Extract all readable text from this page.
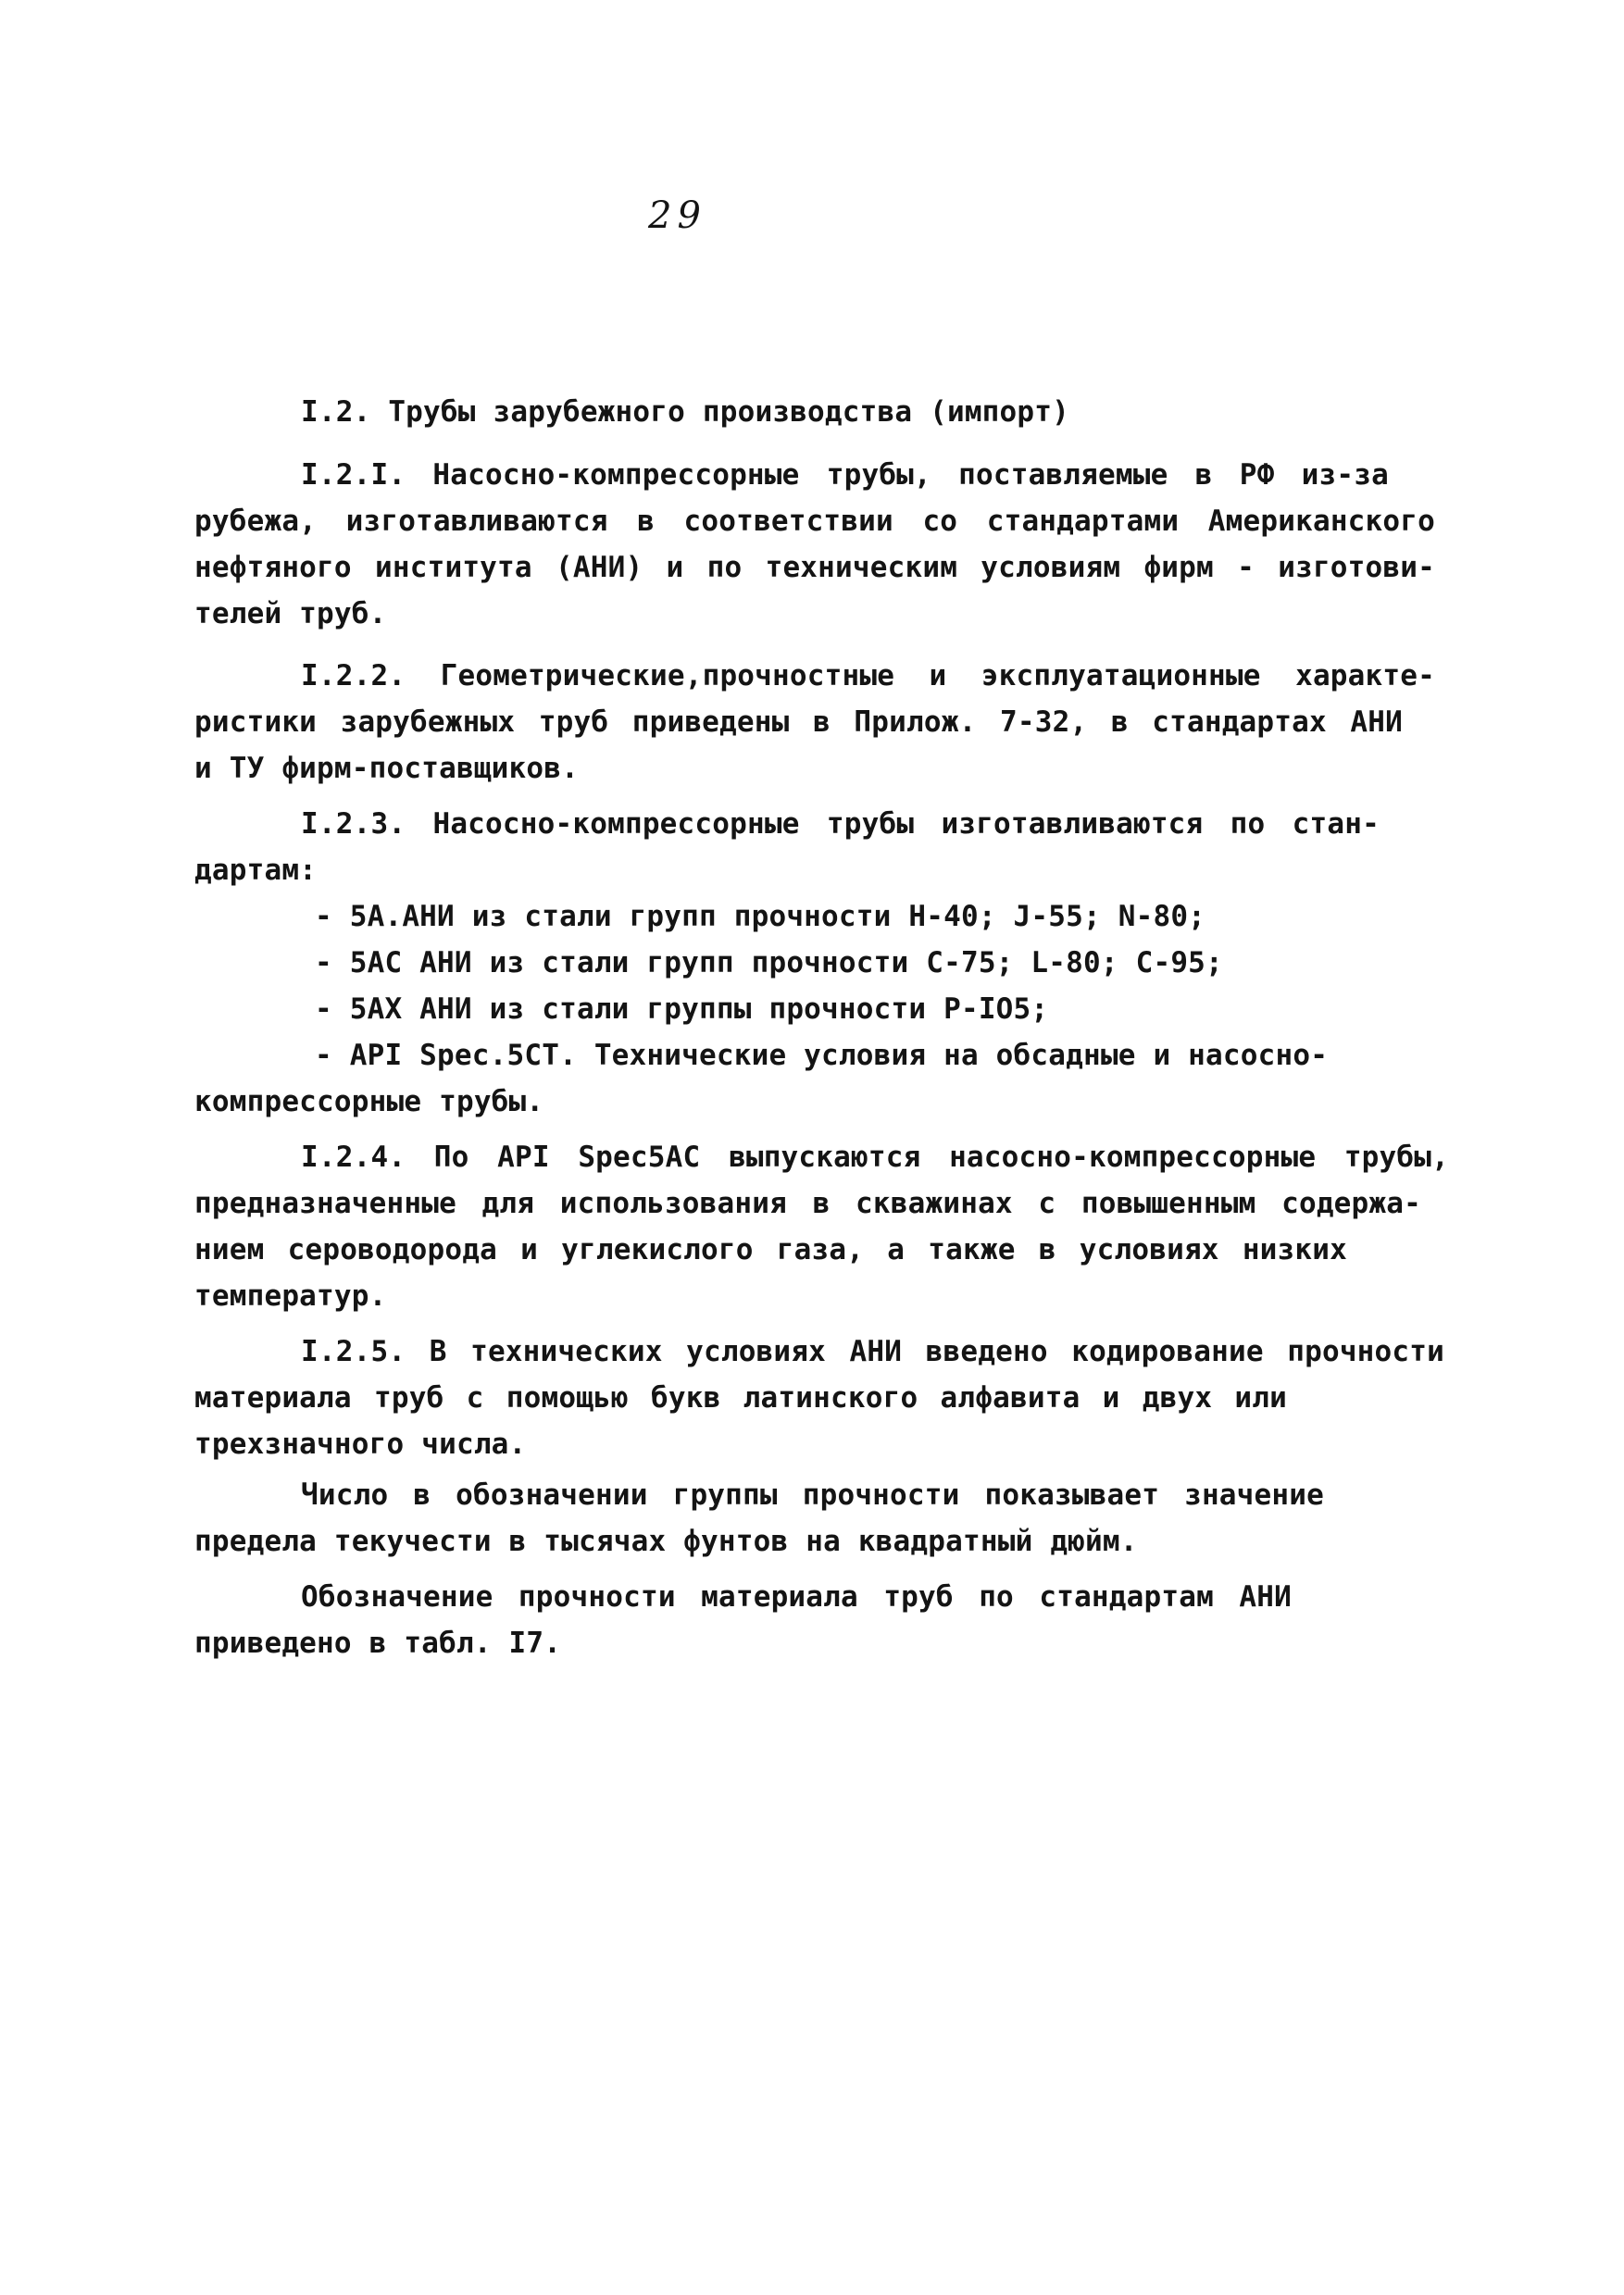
29
I.2. Трубы зарубежного производства (импорт)
I.2.I. Насосно-компрессорные трубы, поставляемые в РФ из-за
рубежа, изготавливаются в соответствии со стандартами Американского
нефтяного института (АНИ) и по техническим условиям фирм - изготови-
телей труб.
I.2.2. Геометрические,прочностные и эксплуатационные характе-
ристики зарубежных труб приведены в Прилож. 7-32, в стандартах АНИ
и ТУ фирм-поставщиков.
I.2.3. Насосно-компрессорные трубы изготавливаются по стан-
дартам:
- 5А.АНИ из стали групп прочности Н-40; J-55; N-80;
- 5АС АНИ из стали групп прочности С-75; L-80; С-95;
- 5АХ АНИ из стали группы прочности Р-IO5;
- API Spec.5CT. Технические условия на обсадные и насосно-
компрессорные трубы.
I.2.4. По API Spec5AC выпускаются насосно-компрессорные трубы,
предназначенные для использования в скважинах с повышенным содержа-
нием сероводорода и углекислого газа, а также в условиях низких
температур.
I.2.5. В технических условиях АНИ введено кодирование прочности
материала труб с помощью букв латинского алфавита и двух или
трехзначного числа.
Число в обозначении группы прочности показывает значение
предела текучести в тысячах фунтов на квадратный дюйм.
Обозначение прочности материала труб по стандартам АНИ
приведено в табл. I7.
